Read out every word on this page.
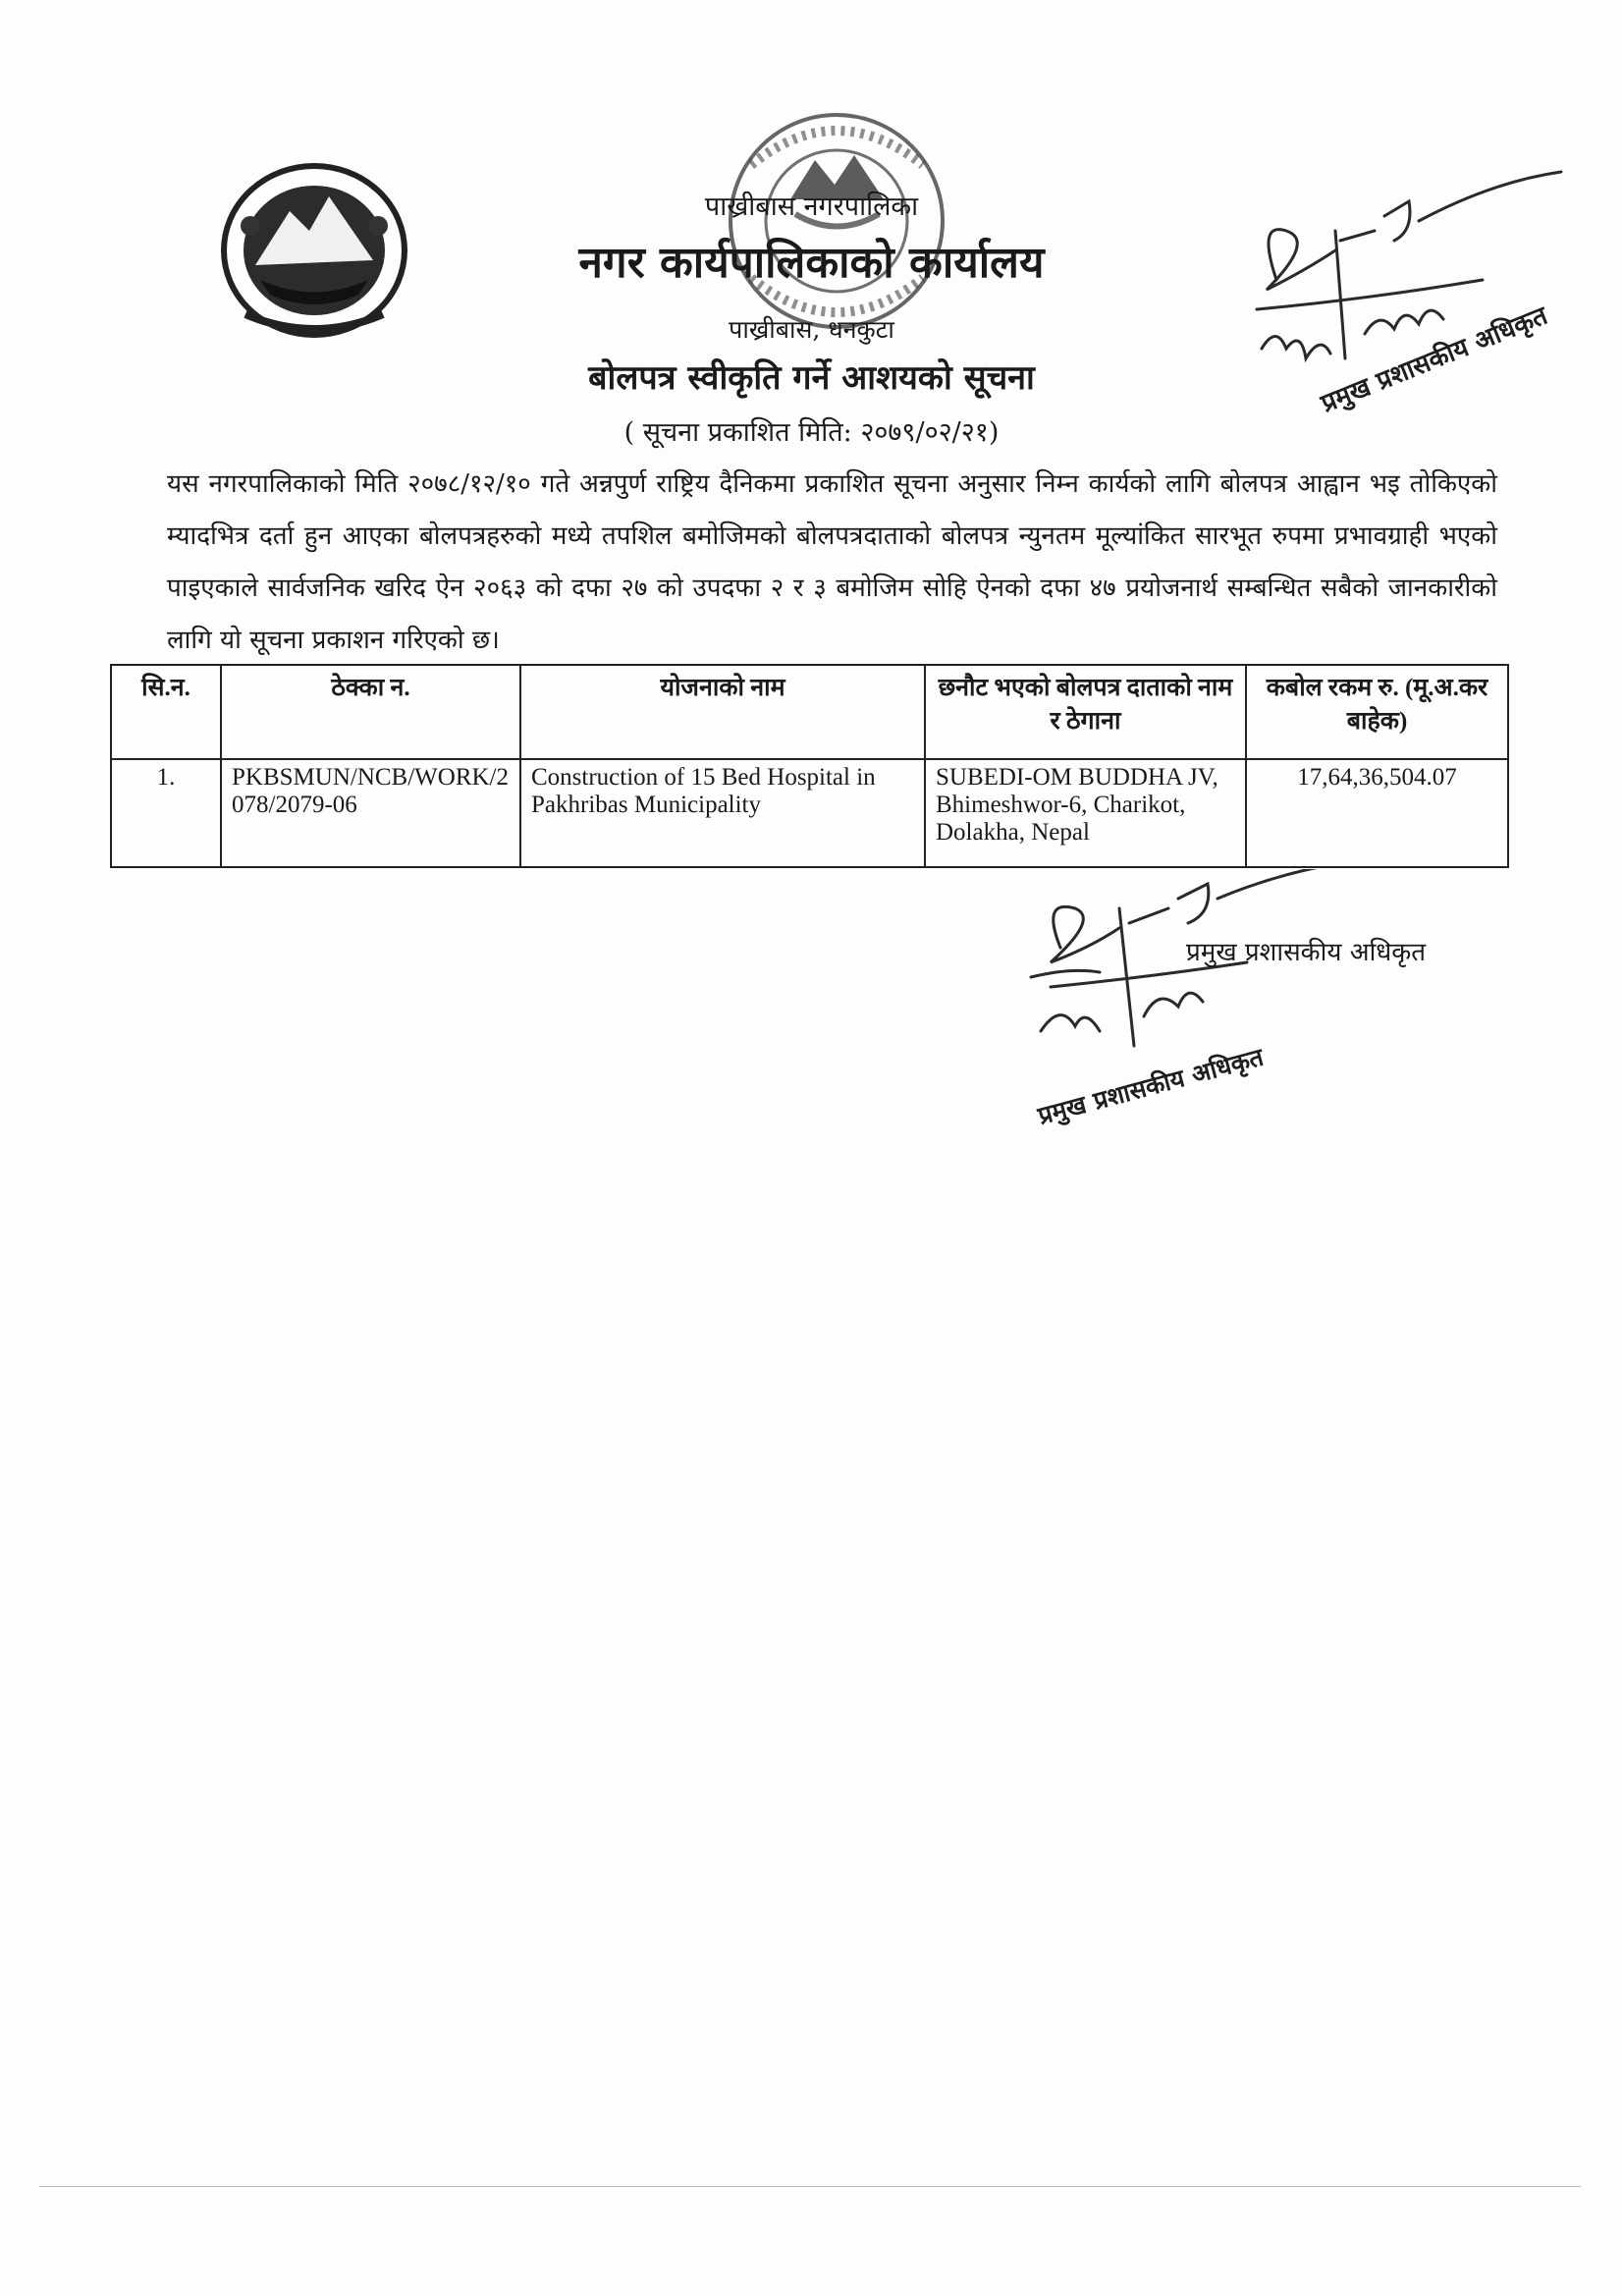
पाख्रीबास नगरपालिका
नगर कार्यपालिकाको कार्यालय
पाख्रीबास, धनकुटा
बोलपत्र स्वीकृति गर्ने आशयको सूचना
( सूचना प्रकाशित मिति: २०७९/०२/२१)
यस नगरपालिकाको मिति २०७८/१२/१० गते अन्नपुर्ण राष्ट्रिय दैनिकमा प्रकाशित सूचना अनुसार निम्न कार्यको लागि बोलपत्र आह्वान भइ तोकिएको म्यादभित्र दर्ता हुन आएका बोलपत्रहरुको मध्ये तपशिल बमोजिमको बोलपत्रदाताको बोलपत्र न्युनतम मूल्यांकित सारभूत रुपमा प्रभावग्राही भएको पाइएकाले सार्वजनिक खरिद ऐन २०६३ को दफा २७ को उपदफा २ र ३ बमोजिम सोहि ऐनको दफा ४७ प्रयोजनार्थ सम्बन्धित सबैको जानकारीको लागि यो सूचना प्रकाशन गरिएको छ।
प्रमुख प्रशासकीय अधिकृत
सि.न.	ठेक्का न.	योजनाको नाम	छनौट भएको बोलपत्र दाताको नाम र ठेगाना	कबोल रकम रु. (मू.अ.कर बाहेक)
1.	PKBSMUN/NCB/WORK/2078/2079-06	Construction of 15 Bed Hospital in Pakhribas Municipality	SUBEDI-OM BUDDHA JV, Bhimeshwor-6, Charikot, Dolakha, Nepal	17,64,36,504.07
प्रमुख प्रशासकीय अधिकृत
प्रमुख प्रशासकीय अधिकृत
